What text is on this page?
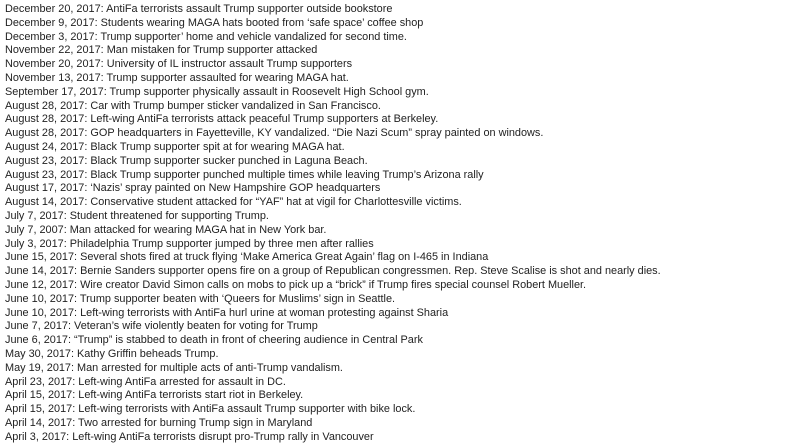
December 20, 2017: AntiFa terrorists assault Trump supporter outside bookstore

December 9, 2017: Students wearing MAGA hats booted from ‘safe space’ coffee shop

December 3, 2017: Trump supporter’ home and vehicle vandalized for second time.

November 22, 2017: Man mistaken for Trump supporter attacked

November 20, 2017: University of IL instructor assault Trump supporters

November 13, 2017: Trump supporter assaulted for wearing MAGA hat.

September 17, 2017: Trump supporter physically assault in Roosevelt High School gym.

August 28, 2017: Car with Trump bumper sticker vandalized in San Francisco.

August 28, 2017: Left-wing AntiFa terrorists attack peaceful Trump supporters at Berkeley.

August 28, 2017: GOP headquarters in Fayetteville, KY vandalized. “Die Nazi Scum” spray painted on windows.

August 24, 2017: Black Trump supporter spit at for wearing MAGA hat.

August 23, 2017: Black Trump supporter sucker punched in Laguna Beach.

August 23, 2017: Black Trump supporter punched multiple times while leaving Trump’s Arizona rally

August 17, 2017: ‘Nazis’ spray painted on New Hampshire GOP headquarters

August 14, 2017: Conservative student attacked for “YAF” hat at vigil for Charlottesville victims.

July 7, 2017: Student threatened for supporting Trump.

July 7, 2007: Man attacked for wearing MAGA hat in New York bar.

July 3, 2017: Philadelphia Trump supporter jumped by three men after rallies

June 15, 2017: Several shots fired at truck flying ‘Make America Great Again’ flag on I-465 in Indiana

June 14, 2017: Bernie Sanders supporter opens fire on a group of Republican congressmen. Rep. Steve Scalise is shot and nearly dies.

June 12, 2017: Wire creator David Simon calls on mobs to pick up a “brick” if Trump fires special counsel Robert Mueller.

June 10, 2017: Trump supporter beaten with ‘Queers for Muslims’ sign in Seattle.

June 10, 2017: Left-wing terrorists with AntiFa hurl urine at woman protesting against Sharia

June 7, 2017: Veteran’s wife violently beaten for voting for Trump

June 6, 2017: “Trump” is stabbed to death in front of cheering audience in Central Park

May 30, 2017: Kathy Griffin beheads Trump.

May 19, 2017: Man arrested for multiple acts of anti-Trump vandalism.

April 23, 2017: Left-wing AntiFa arrested for assault in DC.

April 15, 2017: Left-wing AntiFa terrorists start riot in Berkeley.

April 15, 2017: Left-wing terrorists with AntiFa assault Trump supporter with bike lock.

April 14, 2017: Two arrested for burning Trump sign in Maryland

April 3, 2017: Left-wing AntiFa terrorists disrupt pro-Trump rally in Vancouver
